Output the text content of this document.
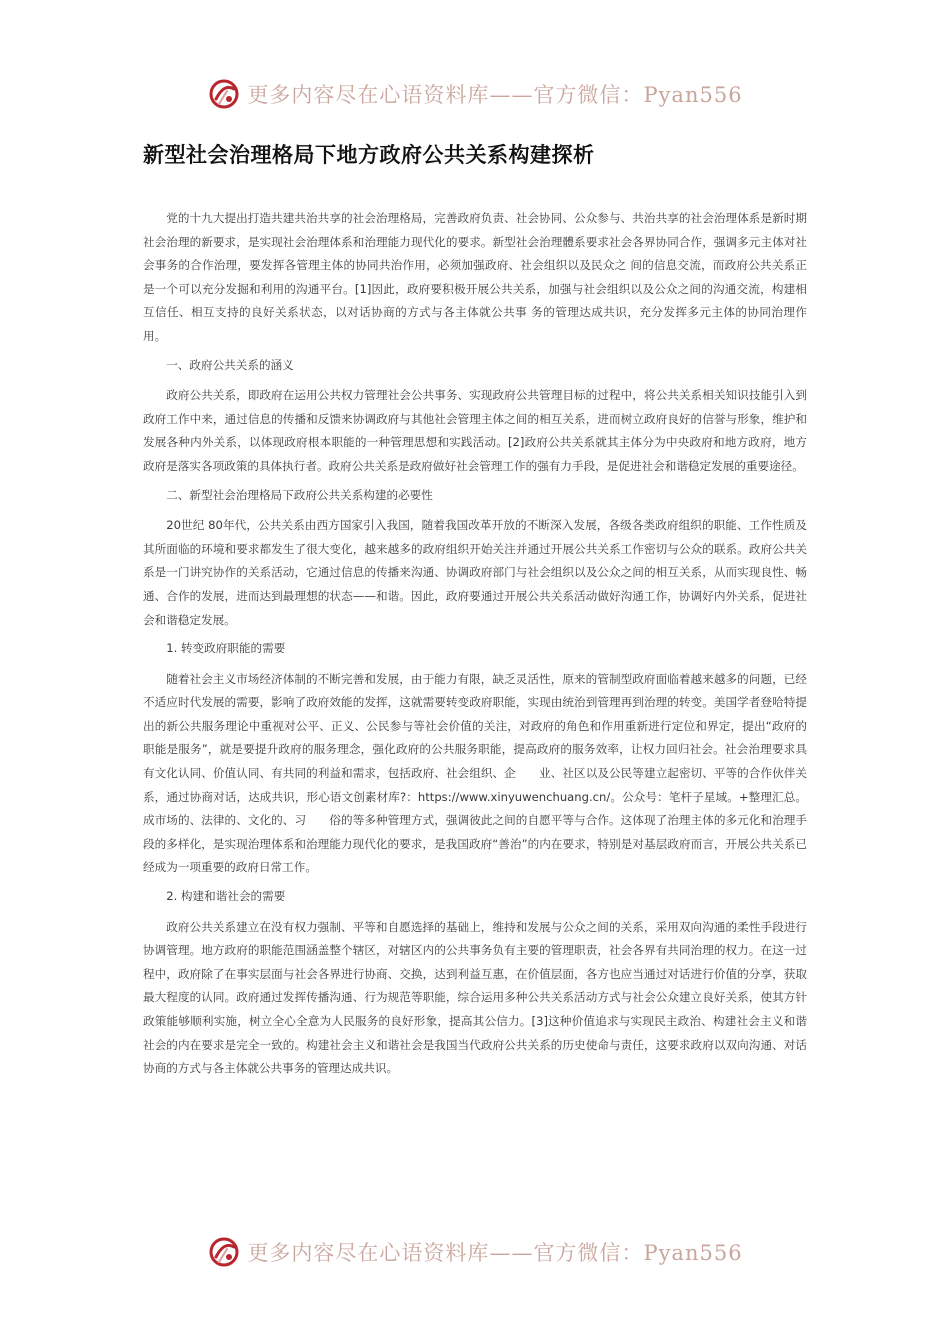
更多内容尽在心语资料库——官方微信：Pyan556
新型社会治理格局下地方政府公共关系构建探析

党的十九大提出打造共建共治共享的社会治理格局，完善政府负责、社会协同、公众参与、共治共享的社会治理体系是新时期社会治理的新要求，是实现社会治理体系和治理能力现代化的要求。新型社会治理體系要求社会各界协同合作，强调多元主体对社会事务的合作治理，要发挥各管理主体的协同共治作用，必须加强政府、社会组织以及民众之 间的信息交流，而政府公共关系正是一个可以充分发掘和利用的沟通平台。[1]因此，政府要积极开展公共关系，加强与社会组织以及公众之间的沟通交流，构建相互信任、相互支持的良好关系状态，以对话协商的方式与各主体就公共事 务的管理达成共识，充分发挥多元主体的协同治理作用。

一、政府公共关系的涵义

政府公共关系，即政府在运用公共权力管理社会公共事务、实现政府公共管理目标的过程中，将公共关系相关知识技能引入到政府工作中来，通过信息的传播和反馈来协调政府与其他社会管理主体之间的相互关系，进而树立政府良好的信誉与形象，维护和发展各种内外关系，以体现政府根本职能的一种管理思想和实践活动。[2]政府公共关系就其主体分为中央政府和地方政府，地方政府是落实各项政策的具体执行者。政府公共关系是政府做好社会管理工作的强有力手段，是促进社会和谐稳定发展的重要途径。

二、新型社会治理格局下政府公共关系构建的必要性

20世纪 80年代，公共关系由西方国家引入我国，随着我国改革开放的不断深入发展，各级各类政府组织的职能、工作性质及其所面临的环境和要求都发生了很大变化，越来越多的政府组织开始关注并通过开展公共关系工作密切与公众的联系。政府公共关系是一门讲究协作的关系活动，它通过信息的传播来沟通、协调政府部门与社会组织以及公众之间的相互关系，从而实现良性、畅通、合作的发展，进而达到最理想的状态——和谐。因此，政府要通过开展公共关系活动做好沟通工作，协调好内外关系，促进社会和谐稳定发展。

1. 转变政府职能的需要

随着社会主义市场经济体制的不断完善和发展，由于能力有限，缺乏灵活性，原来的管制型政府面临着越来越多的问题，已经不适应时代发展的需要，影响了政府效能的发挥，这就需要转变政府职能，实现由统治到管理再到治理的转变。美国学者登哈特提出的新公共服务理论中重视对公平、正义、公民参与等社会价值的关注，对政府的角色和作用重新进行定位和界定，提出“政府的职能是服务”，就是要提升政府的服务理念，强化政府的公共服务职能，提高政府的服务效率，让权力回归社会。社会治理要求具有文化认同、价值认同、有共同的利益和需求，包括政府、社会组织、企　　业、社区以及公民等建立起密切、平等的合作伙伴关系，通过协商对话，达成共识，形心语文创素材库?：https://www.xinyuwenchuang.cn/。公众号：笔杆子星域。+整理汇总。成市场的、法律的、文化的、习　　俗的等多种管理方式，强调彼此之间的自愿平等与合作。这体现了治理主体的多元化和治理手段的多样化，是实现治理体系和治理能力现代化的要求，是我国政府“善治”的内在要求，特别是对基层政府而言，开展公共关系已经成为一项重要的政府日常工作。

2. 构建和谐社会的需要

政府公共关系建立在没有权力强制、平等和自愿选择的基础上，维持和发展与公众之间的关系，采用双向沟通的柔性手段进行协调管理。地方政府的职能范围涵盖整个辖区，对辖区内的公共事务负有主要的管理职责，社会各界有共同治理的权力。在这一过程中，政府除了在事实层面与社会各界进行协商、交换，达到利益互惠，在价值层面，各方也应当通过对话进行价值的分享，获取最大程度的认同。政府通过发挥传播沟通、行为规范等职能，综合运用多种公共关系活动方式与社会公众建立良好关系，使其方针政策能够顺利实施，树立全心全意为人民服务的良好形象，提高其公信力。[3]这种价值追求与实现民主政治、构建社会主义和谐社会的内在要求是完全一致的。构建社会主义和谐社会是我国当代政府公共关系的历史使命与责任，这要求政府以双向沟通、对话协商的方式与各主体就公共事务的管理达成共识。

更多内容尽在心语资料库——官方微信：Pyan556
